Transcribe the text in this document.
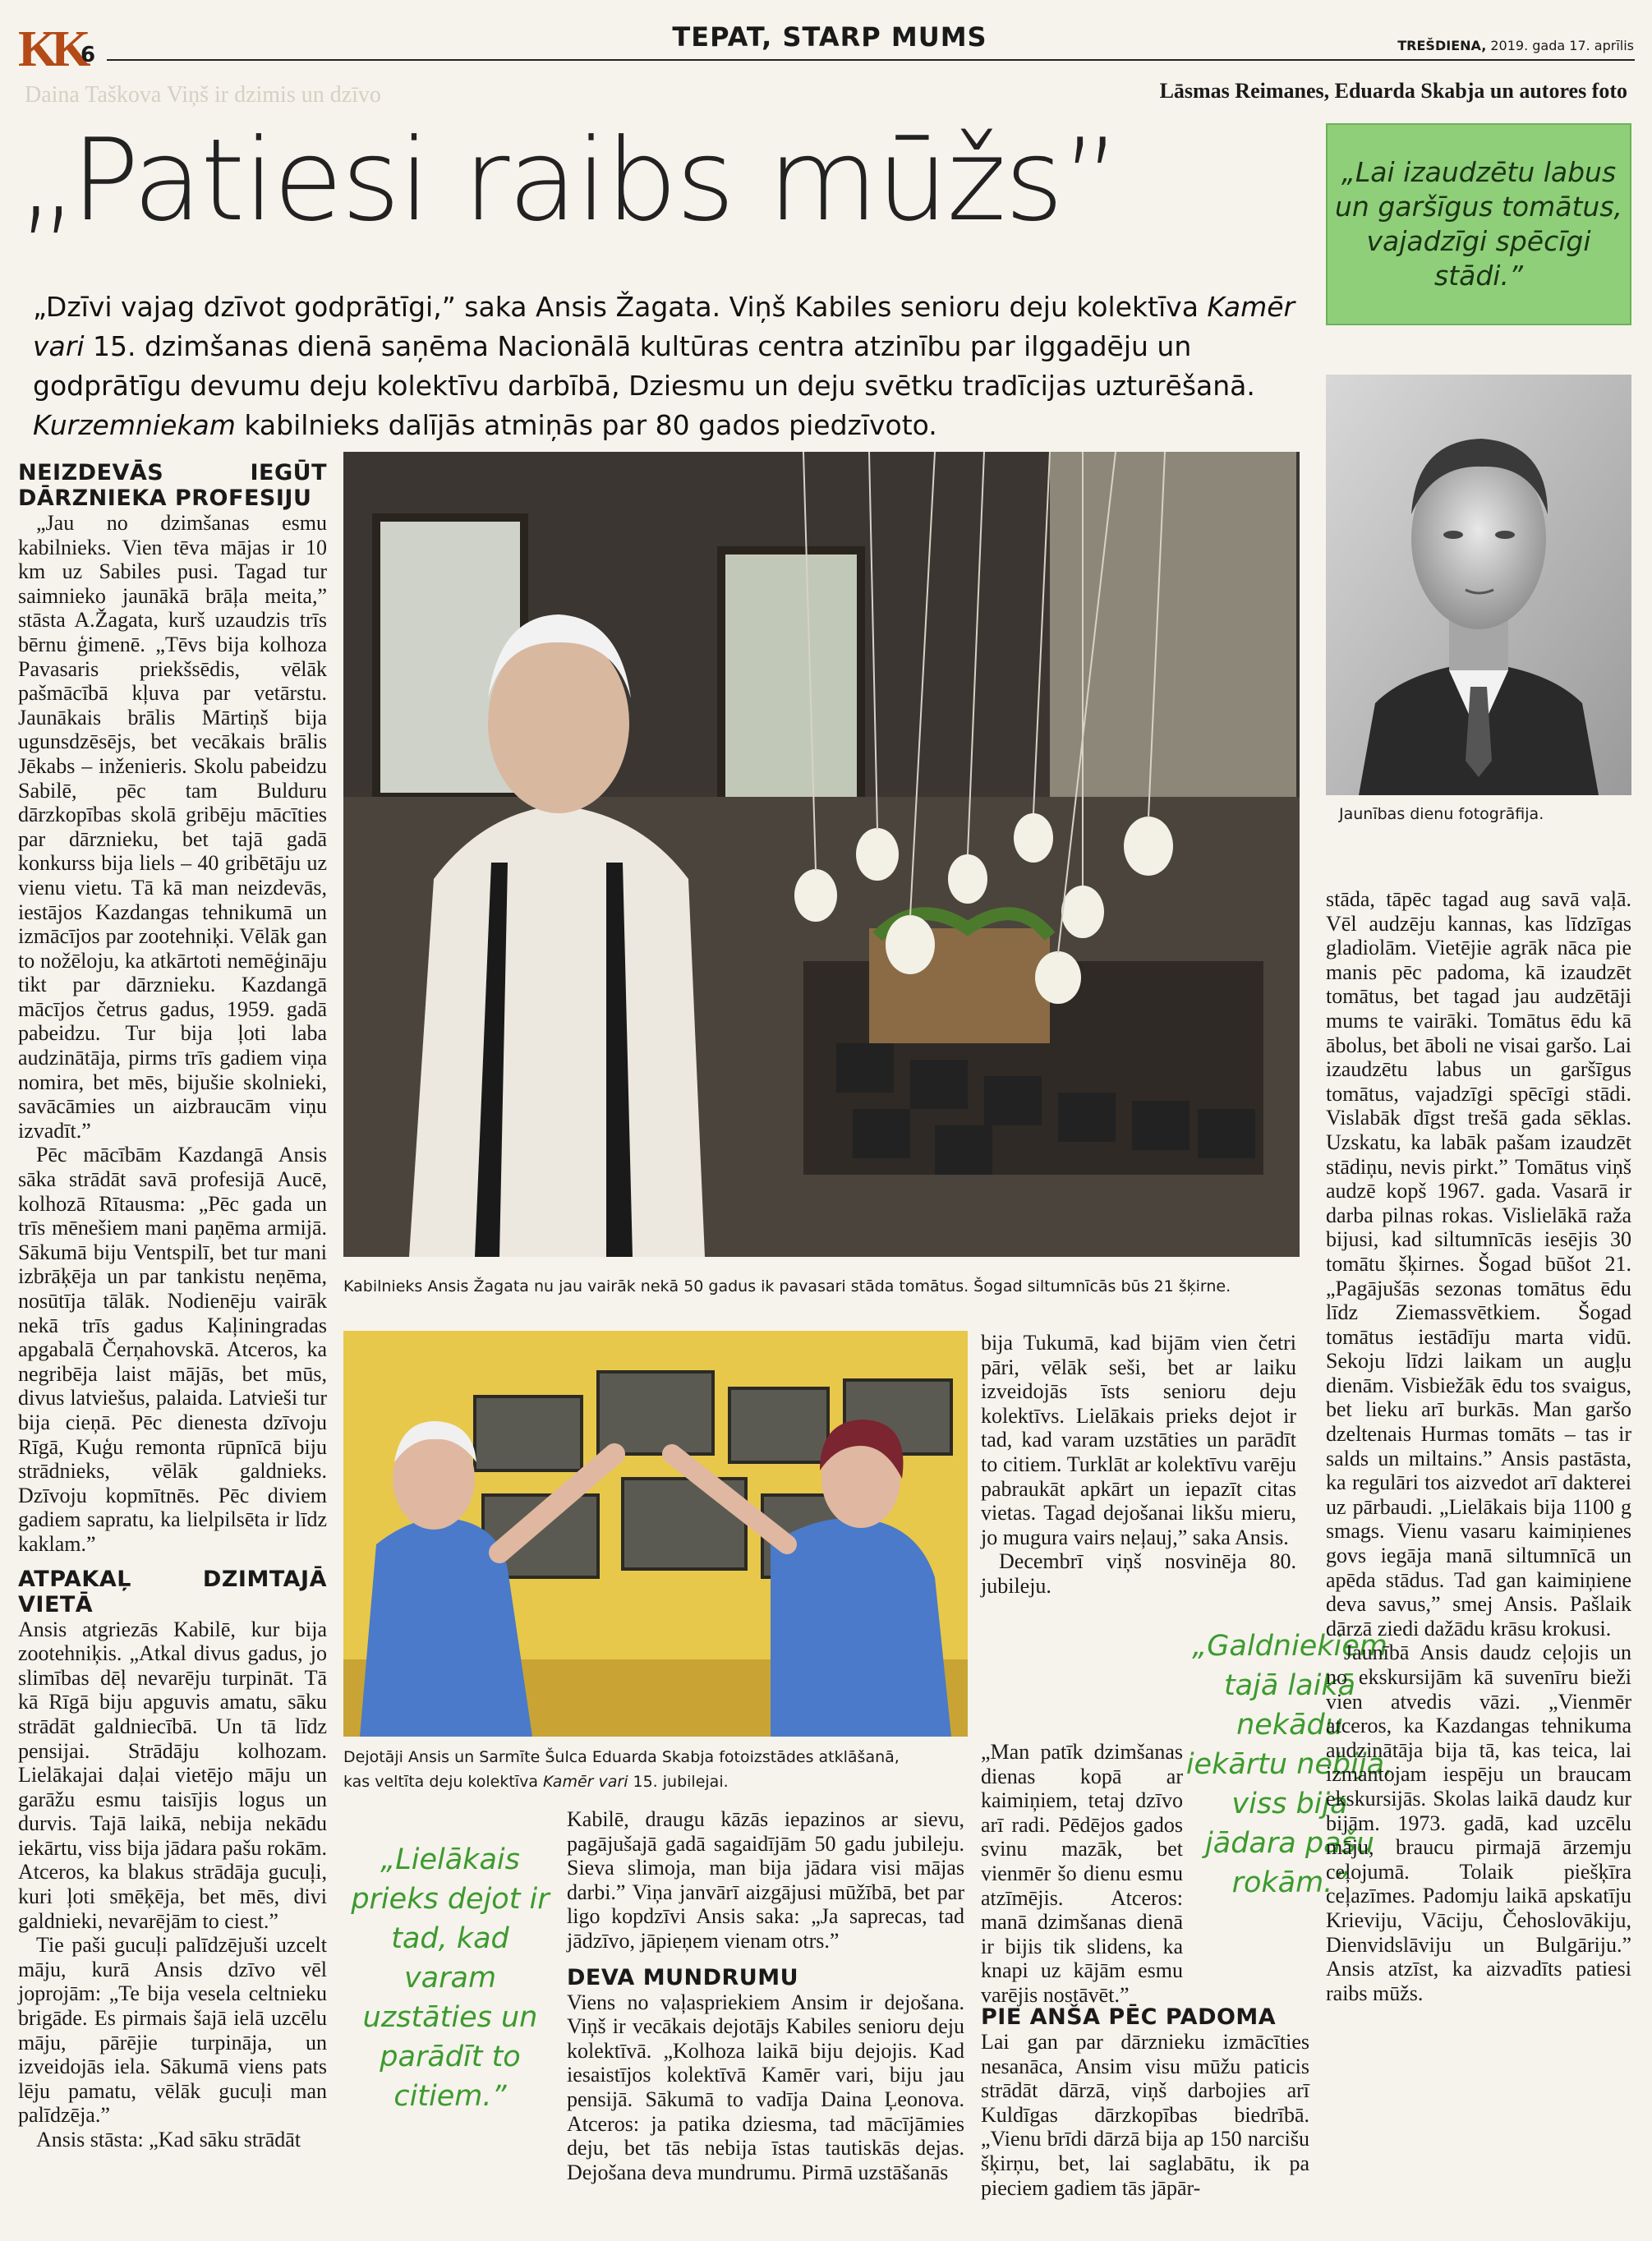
KK
6
TEPAT, STARP MUMS	TREŠDIENA, 2019. gada 17. aprīlis
Daina Taškova Viņš ir dzimis un dzīvo	Lāsmas Reimanes, Eduarda Skabja un autores foto
„Patiesi raibs mūžs”
„Dzīvi vajag dzīvot godprātīgi,” saka Ansis Žagata. Viņš Kabiles senioru deju kolektīva Kamēr vari 15. dzimšanas dienā saņēma Nacionālā kultūras centra atzinību par ilggadēju un godprātīgu devumu deju kolektīvu darbībā, Dziesmu un deju svētku tradīcijas uzturēšanā. Kurzemniekam kabilnieks dalījās atmiņās par 80 gados piedzīvoto.
„Lai izaudzētu labus un garšīgus tomātus, vajadzīgi spēcīgi stādi.”
Jaunības dienu fotogrāfija.
NEIZDEVĀS IEGŪT DĀRZNIEKA PROFESIJU

„Jau no dzimšanas esmu kabilnieks. Vien tēva mājas ir 10 km uz Sabiles pusi. Tagad tur saimnieko jaunākā brāļa meita,” stāsta A.Žagata, kurš uzaudzis trīs bērnu ģimenē. „Tēvs bija kolhoza Pavasaris priekšsēdis, vēlāk pašmācībā kļuva par vetārstu. Jaunākais brālis Mārtiņš bija ugunsdzēsējs, bet vecākais brālis Jēkabs – inženieris. Skolu pabeidzu Sabilē, pēc tam Bulduru dārzkopības skolā gribēju mācīties par dārznieku, bet tajā gadā konkurss bija liels – 40 gribētāju uz vienu vietu. Tā kā man neizdevās, iestājos Kazdangas tehnikumā un izmācījos par zootehniķi. Vēlāk gan to nožēloju, ka atkārtoti nemēģināju tikt par dārznieku. Kazdangā mācījos četrus gadus, 1959. gadā pabeidzu. Tur bija ļoti laba audzinātāja, pirms trīs gadiem viņa nomira, bet mēs, bijušie skolnieki, savācāmies un aizbraucām viņu izvadīt.”

Pēc mācībām Kazdangā Ansis sāka strādāt savā profesijā Aucē, kolhozā Rītausma: „Pēc gada un trīs mēnešiem mani paņēma armijā. Sākumā biju Ventspilī, bet tur mani izbrāķēja un par tankistu neņēma, nosūtīja tālāk. Nodienēju vairāk nekā trīs gadus Kaļiningradas apgabalā Čerņahovskā. Atceros, ka negribēja laist mājās, bet mūs, divus latviešus, palaida. Latvieši tur bija cieņā. Pēc dienesta dzīvoju Rīgā, Kuģu remonta rūpnīcā biju strādnieks, vēlāk galdnieks. Dzīvoju kopmītnēs. Pēc diviem gadiem sapratu, ka lielpilsēta ir līdz kaklam.”

ATPAKAĻ DZIMTAJĀ VIETĀ

Ansis atgriezās Kabilē, kur bija zootehniķis. „Atkal divus gadus, jo slimības dēļ nevarēju turpināt. Tā kā Rīgā biju apguvis amatu, sāku strādāt galdniecībā. Un tā līdz pensijai. Strādāju kolhozam. Lielākajai daļai vietējo māju un garāžu esmu taisījis logus un durvis. Tajā laikā, nebija nekādu iekārtu, viss bija jādara pašu rokām. Atceros, ka blakus strādāja gucuļi, kuri ļoti smēķēja, bet mēs, divi galdnieki, nevarējām to ciest.”

Tie paši gucuļi palīdzējuši uzcelt māju, kurā Ansis dzīvo vēl joprojām: „Te bija vesela celtnieku brigāde. Es pirmais šajā ielā uzcēlu māju, pārējie turpināja, un izveidojās iela. Sākumā viens pats lēju pamatu, vēlāk gucuļi man palīdzēja.”

Ansis stāsta: „Kad sāku strādāt

Kabilnieks Ansis Žagata nu jau vairāk nekā 50 gadus ik pavasari stāda tomātus. Šogad siltumnīcās būs 21 šķirne.
Dejotāji Ansis un Sarmīte Šulca Eduarda Skabja fotoizstādes atklāšanā,
kas veltīta deju kolektīva Kamēr vari 15. jubilejai.

bija Tukumā, kad bijām vien četri pāri, vēlāk seši, bet ar laiku izveidojās īsts senioru deju kolektīvs. Lielākais prieks dejot ir tad, kad varam uzstāties un parādīt to citiem. Turklāt ar kolektīvu varēju pabraukāt apkārt un iepazīt citas vietas. Tagad dejošanai likšu mieru, jo mugura vairs neļauj,” saka Ansis.

Decembrī viņš nosvinēja 80. jubileju.

„Man patīk dzimšanas dienas kopā ar kaimiņiem, tetaj dzīvo arī radi. Pēdējos gados svinu mazāk, bet vienmēr šo dienu esmu atzīmējis. Atceros: manā dzimšanas dienā ir bijis tik slidens, ka knapi uz kājām esmu varējis nostāvēt.”

„Galdniekiem tajā laikā nekādu iekārtu nebija, viss bija jādara pašu rokām.”
„Lielākais prieks dejot ir tad, kad varam uzstāties un parādīt to citiem.”

Kabilē, draugu kāzās iepazinos ar sievu, pagājušajā gadā sagaidījām 50 gadu jubileju. Sieva slimoja, man bija jādara visi mājas darbi.” Viņa janvārī aizgājusi mūžībā, bet par ligo kopdzīvi Ansis saka: „Ja saprecas, tad jādzīvo, jāpieņem vienam otrs.”

DEVA MUNDRUMU

Viens no vaļaspriekiem Ansim ir dejošana. Viņš ir vecākais dejotājs Kabiles senioru deju kolektīvā. „Kolhoza laikā biju dejojis. Kad iesaistījos kolektīvā Kamēr vari, biju jau pensijā. Sākumā to vadīja Daina Ļeonova. Atceros: ja patika dziesma, tad mācījāmies deju, bet tās nebija īstas tautiskās dejas. Dejošana deva mundrumu. Pirmā uzstāšanās

PIE ANŠA PĒC PADOMA

Lai gan par dārznieku izmācīties nesanāca, Ansim visu mūžu paticis strādāt dārzā, viņš darbojies arī Kuldīgas dārzkopības biedrībā. „Vienu brīdi dārzā bija ap 150 narcišu šķirņu, bet, lai saglabātu, ik pa pieciem gadiem tās jāpār-

stāda, tāpēc tagad aug savā vaļā. Vēl audzēju kannas, kas līdzīgas gladiolām. Vietējie agrāk nāca pie manis pēc padoma, kā izaudzēt tomātus, bet tagad jau audzētāji mums te vairāki. Tomātus ēdu kā ābolus, bet āboli ne visai garšo. Lai izaudzētu labus un garšīgus tomātus, vajadzīgi spēcīgi stādi. Vislabāk dīgst trešā gada sēklas. Uzskatu, ka labāk pašam izaudzēt stādiņu, nevis pirkt.” Tomātus viņš audzē kopš 1967. gada. Vasarā ir darba pilnas rokas. Vislielākā raža bijusi, kad siltumnīcās iesējis 30 tomātu šķirnes. Šogad būšot 21. „Pagājušās sezonas tomātus ēdu līdz Ziemassvētkiem. Šogad tomātus iestādīju marta vidū. Sekoju līdzi laikam un augļu dienām. Visbiežāk ēdu tos svaigus, bet lieku arī burkās. Man garšo dzeltenais Hurmas tomāts – tas ir salds un miltains.” Ansis pastāsta, ka regulāri tos aizvedot arī dakterei uz pārbaudi. „Lielākais bija 1100 g smags. Vienu vasaru kaimiņienes govs iegāja manā siltumnīcā un apēda stādus. Tad gan kaimiņiene deva savus,” smej Ansis. Pašlaik dārzā ziedi dažādu krāsu krokusi.

Jaunībā Ansis daudz ceļojis un no ekskursijām kā suvenīru bieži vien atvedis vāzi. „Vienmēr atceros, ka Kazdangas tehnikuma audzinātāja bija tā, kas teica, lai izmantojam iespēju un braucam ekskursijās. Skolas laikā daudz kur bijām. 1973. gadā, kad uzcēlu māju, braucu pirmajā ārzemju ceļojumā. Tolaik piešķīra ceļazīmes. Padomju laikā apskatīju Krieviju, Vāciju, Čehoslovākiju, Dienvidslāviju un Bulgāriju.” Ansis atzīst, ka aizvadīts patiesi raibs mūžs.
